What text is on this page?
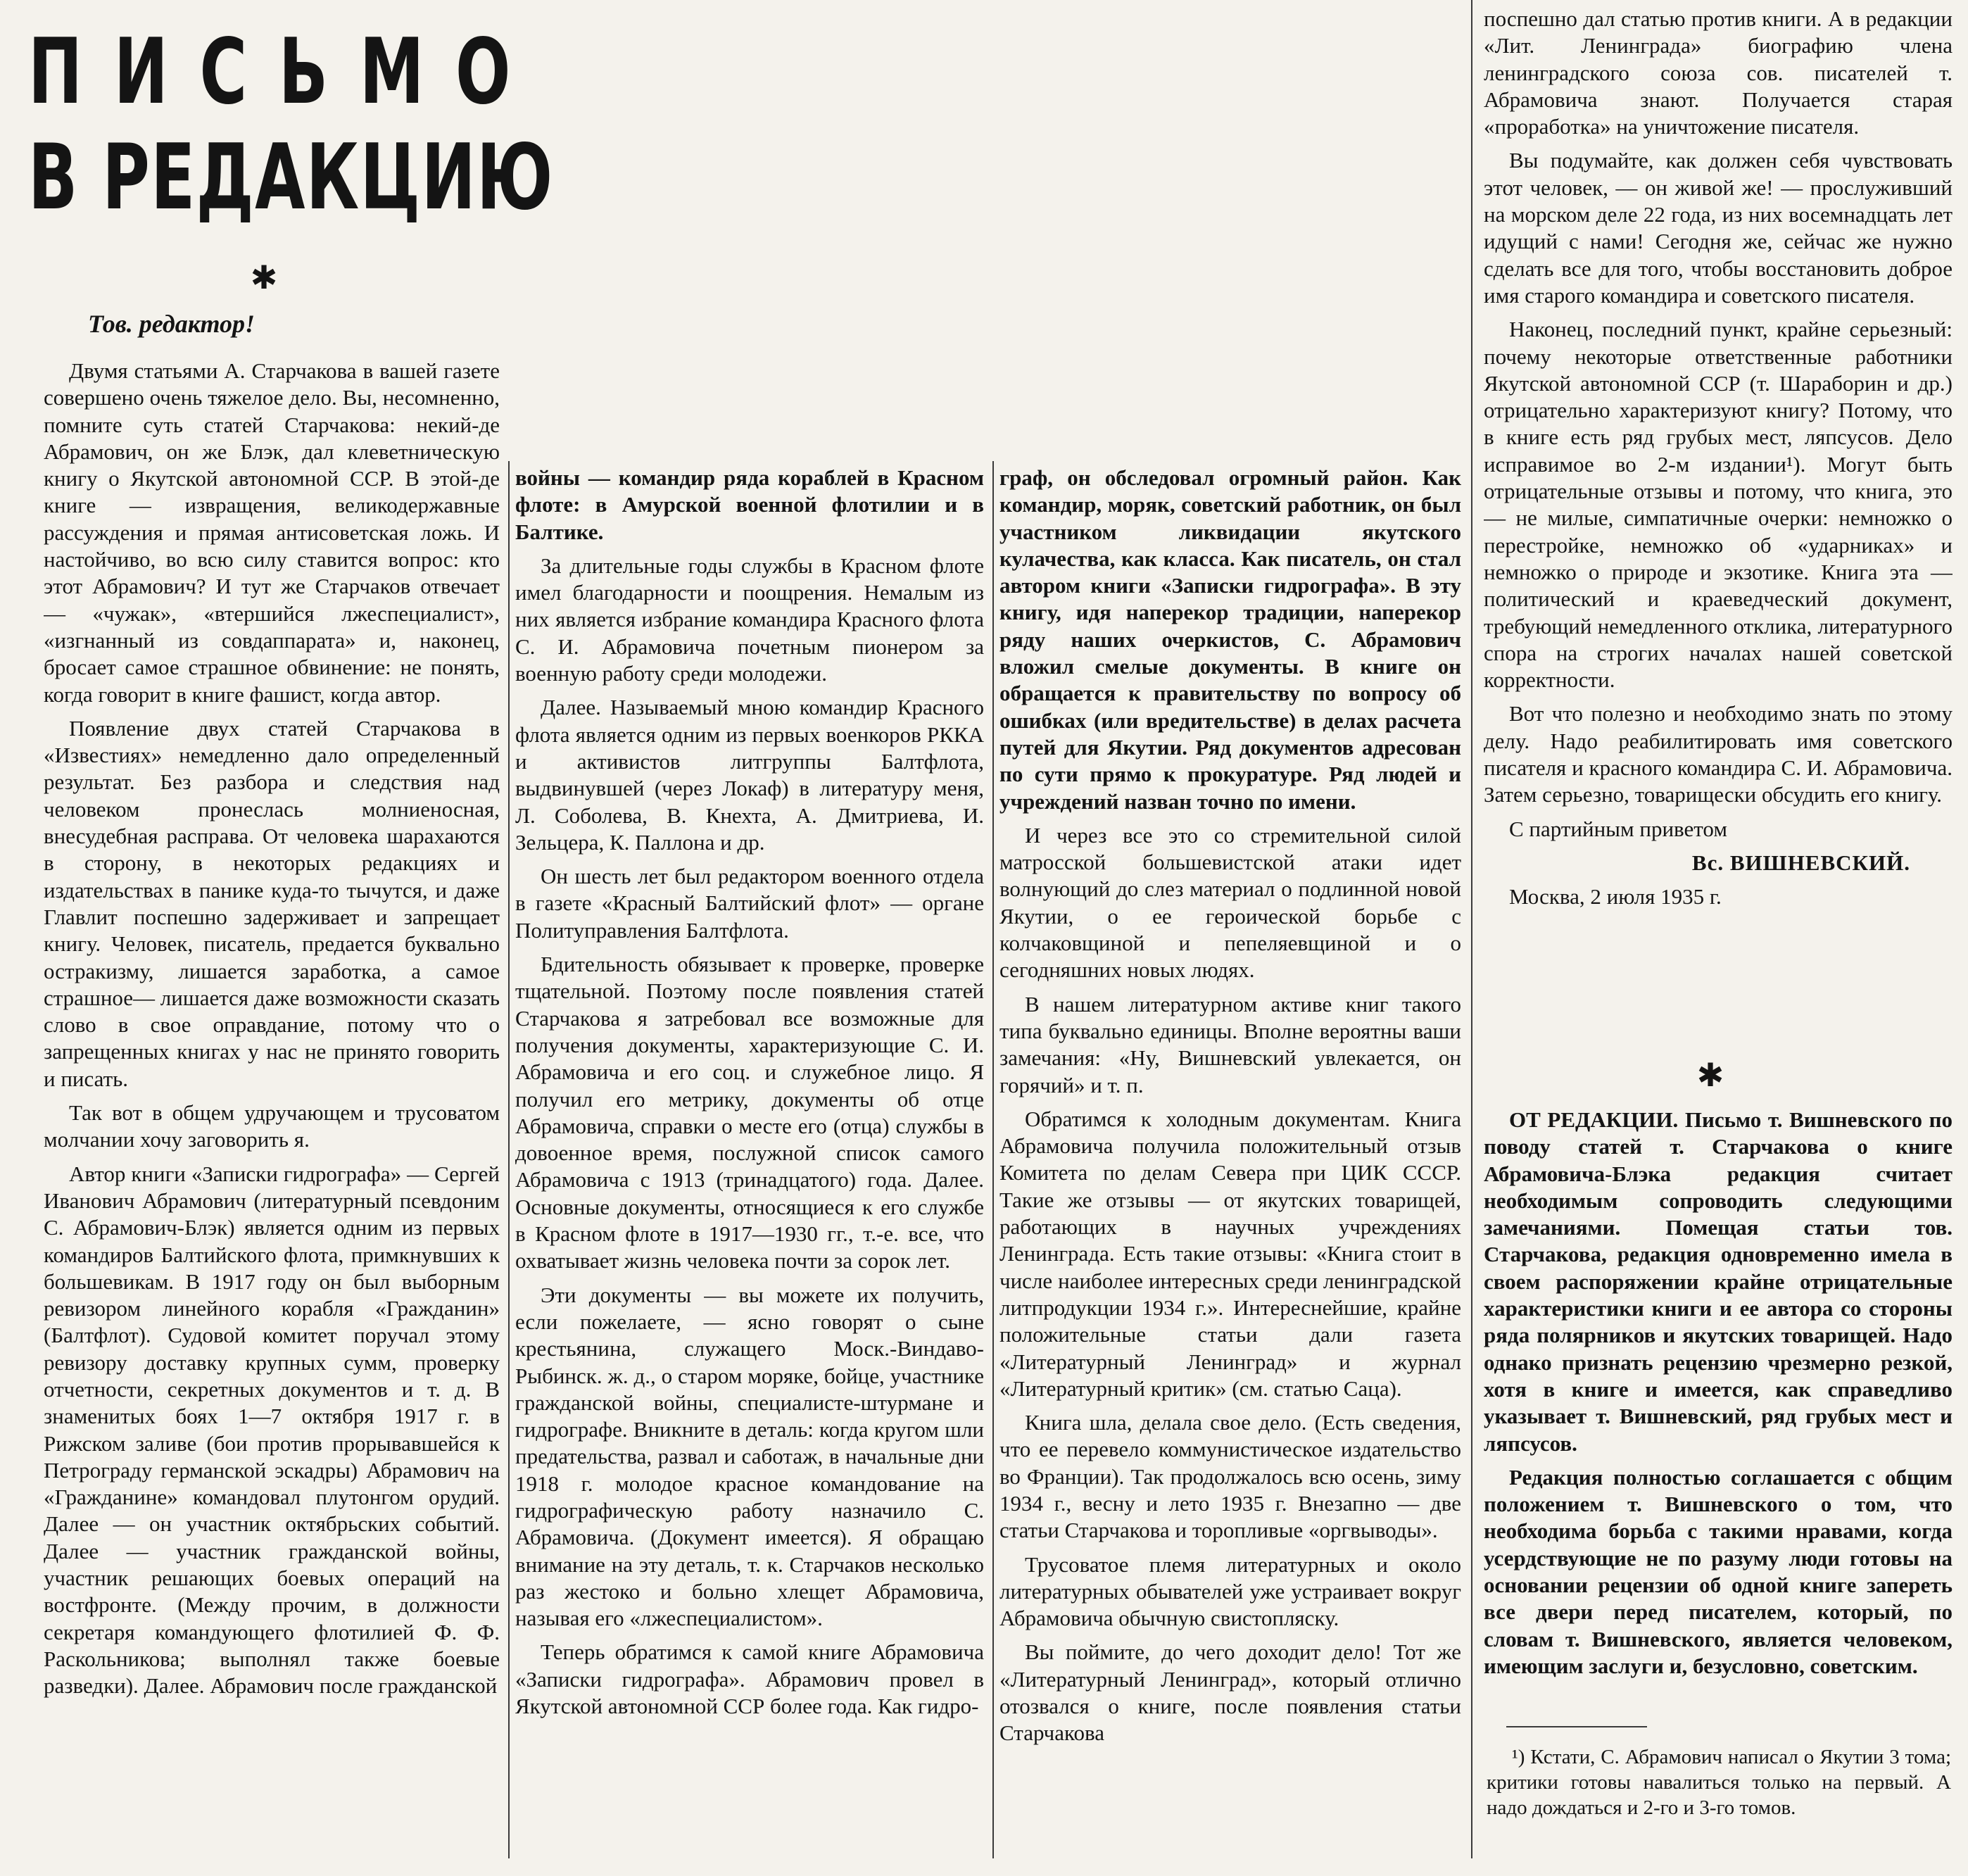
ПИСЬМО
В РЕДАКЦИЮ
✱
Тов. редактор!

Двумя статьями А. Старчакова в вашей газете совершено очень тяжелое дело. Вы, несомненно, помните суть статей Старчакова: некий-де Абрамович, он же Блэк, дал клеветническую книгу о Якутской автономной ССР. В этой-де книге — извращения, великодержавные рассуждения и прямая антисоветская ложь. И настойчиво, во всю силу ставится вопрос: кто этот Абрамович? И тут же Старчаков отвечает — «чужак», «втершийся лжеспециалист», «изгнанный из совдаппарата» и, наконец, бросает самое страшное обвинение: не понять, когда говорит в книге фашист, когда автор.

Появление двух статей Старчакова в «Известиях» немедленно дало определенный результат. Без разбора и следствия над человеком пронеслась молниеносная, внесудебная расправа. От человека шарахаются в сторону, в некоторых редакциях и издательствах в панике куда-то тычутся, и даже Главлит поспешно задерживает и запрещает книгу. Человек, писатель, предается буквально остракизму, лишается заработка, а самое страшное— лишается даже возможности сказать слово в свое оправдание, потому что о запрещенных книгах у нас не принято говорить и писать.

Так вот в общем удручающем и трусоватом молчании хочу заговорить я.

Автор книги «Записки гидрографа» — Сергей Иванович Абрамович (литературный псевдоним С. Абрамович-Блэк) является одним из первых командиров Балтийского флота, примкнувших к большевикам. В 1917 году он был выборным ревизором линейного корабля «Гражданин» (Балтфлот). Судовой комитет поручал этому ревизору доставку крупных сумм, проверку отчетности, секретных документов и т. д. В знаменитых боях 1—7 октября 1917 г. в Рижском заливе (бои против прорывавшейся к Петрограду германской эскадры) Абрамович на «Гражданине» командовал плутонгом орудий. Далее — он участник октябрьских событий. Далее — участник гражданской войны, участник решающих боевых операций на востфронте. (Между прочим, в должности секретаря командующего флотилией Ф. Ф. Раскольникова; выполнял также боевые разведки). Далее. Абрамович после гражданской

войны — командир ряда кораблей в Красном флоте: в Амурской военной флотилии и в Балтике.

За длительные годы службы в Красном флоте имел благодарности и поощрения. Немалым из них является избрание командира Красного флота С. И. Абрамовича почетным пионером за военную работу среди молодежи.

Далее. Называемый мною командир Красного флота является одним из первых военкоров РККА и активистов литгруппы Балтфлота, выдвинувшей (через Локаф) в литературу меня, Л. Соболева, В. Кнехта, А. Дмитриева, И. Зельцера, К. Паллона и др.

Он шесть лет был редактором военного отдела в газете «Красный Балтийский флот» — органе Политуправления Балтфлота.

Бдительность обязывает к проверке, проверке тщательной. Поэтому после появления статей Старчакова я затребовал все возможные для получения документы, характеризующие С. И. Абрамовича и его соц. и служебное лицо. Я получил его метрику, документы об отце Абрамовича, справки о месте его (отца) службы в довоенное время, послужной список самого Абрамовича с 1913 (тринадцатого) года. Далее. Основные документы, относящиеся к его службе в Красном флоте в 1917—1930 гг., т.-е. все, что охватывает жизнь человека почти за сорок лет.

Эти документы — вы можете их получить, если пожелаете, — ясно говорят о сыне крестьянина, служащего Моск.-Виндаво-Рыбинск. ж. д., о старом моряке, бойце, участнике гражданской войны, специалисте-штурмане и гидрографе. Вникните в деталь: когда кругом шли предательства, развал и саботаж, в начальные дни 1918 г. молодое красное командование на гидрографическую работу назначило С. Абрамовича. (Документ имеется). Я обращаю внимание на эту деталь, т. к. Старчаков несколько раз жестоко и больно хлещет Абрамовича, называя его «лжеспециалистом».

Теперь обратимся к самой книге Абрамовича «Записки гидрографа». Абрамович провел в Якутской автономной ССР более года. Как гидро-

граф, он обследовал огромный район. Как командир, моряк, советский работник, он был участником ликвидации якутского кулачества, как класса. Как писатель, он стал автором книги «Записки гидрографа». В эту книгу, идя наперекор традиции, наперекор ряду наших очеркистов, С. Абрамович вложил смелые документы. В книге он обращается к правительству по вопросу об ошибках (или вредительстве) в делах расчета путей для Якутии. Ряд документов адресован по сути прямо к прокуратуре. Ряд людей и учреждений назван точно по имени.

И через все это со стремительной силой матросской большевистской атаки идет волнующий до слез материал о подлинной новой Якутии, о ее героической борьбе с колчаковщиной и пепеляевщиной и о сегодняшних новых людях.

В нашем литературном активе книг такого типа буквально единицы. Вполне вероятны ваши замечания: «Ну, Вишневский увлекается, он горячий» и т. п.

Обратимся к холодным документам. Книга Абрамовича получила положительный отзыв Комитета по делам Севера при ЦИК СССР. Такие же отзывы — от якутских товарищей, работающих в научных учреждениях Ленинграда. Есть такие отзывы: «Книга стоит в числе наиболее интересных среди ленинградской литпродукции 1934 г.». Интереснейшие, крайне положительные статьи дали газета «Литературный Ленинград» и журнал «Литературный критик» (см. статью Саца).

Книга шла, делала свое дело. (Есть сведения, что ее перевело коммунистическое издательство во Франции). Так продолжалось всю осень, зиму 1934 г., весну и лето 1935 г. Внезапно — две статьи Старчакова и торопливые «оргвыводы».

Трусоватое племя литературных и около литературных обывателей уже устраивает вокруг Абрамовича обычную свистопляску.

Вы поймите, до чего доходит дело! Тот же «Литературный Ленинград», который отлично отозвался о книге, после появления статьи Старчакова

поспешно дал статью против книги. А в редакции «Лит. Ленинграда» биографию члена ленинградского союза сов. писателей т. Абрамовича знают. Получается старая «проработка» на уничтожение писателя.

Вы подумайте, как должен себя чувствовать этот человек, — он живой же! — прослуживший на морском деле 22 года, из них восемнадцать лет идущий с нами! Сегодня же, сейчас же нужно сделать все для того, чтобы восстановить доброе имя старого командира и советского писателя.

Наконец, последний пункт, крайне серьезный: почему некоторые ответственные работники Якутской автономной ССР (т. Шараборин и др.) отрицательно характеризуют книгу? Потому, что в книге есть ряд грубых мест, ляпсусов. Дело исправимое во 2-м издании¹). Могут быть отрицательные отзывы и потому, что книга, это — не милые, симпатичные очерки: немножко о перестройке, немножко об «ударниках» и немножко о природе и экзотике. Книга эта — политический и краеведческий документ, требующий немедленного отклика, литературного спора на строгих началах нашей советской корректности.

Вот что полезно и необходимо знать по этому делу. Надо реабилитировать имя советского писателя и красного командира С. И. Абрамовича. Затем серьезно, товарищески обсудить его книгу.

С партийным приветом

Вс. ВИШНЕВСКИЙ.

Москва, 2 июля 1935 г.

✱

ОТ РЕДАКЦИИ. Письмо т. Вишневского по поводу статей т. Старчакова о книге Абрамовича-Блэка редакция считает необходимым сопроводить следующими замечаниями. Помещая статьи тов. Старчакова, редакция одновременно имела в своем распоряжении крайне отрицательные характеристики книги и ее автора со стороны ряда полярников и якутских товарищей. Надо однако признать рецензию чрезмерно резкой, хотя в книге и имеется, как справедливо указывает т. Вишневский, ряд грубых мест и ляпсусов.

Редакция полностью соглашается с общим положением т. Вишневского о том, что необходима борьба с такими нравами, когда усердствующие не по разуму люди готовы на основании рецензии об одной книге запереть все двери перед писателем, который, по словам т. Вишневского, является человеком, имеющим заслуги и, безусловно, советским.

¹) Кстати, С. Абрамович написал о Якутии 3 тома; критики готовы навалиться только на первый. А надо дождаться и 2-го и 3-го томов.
